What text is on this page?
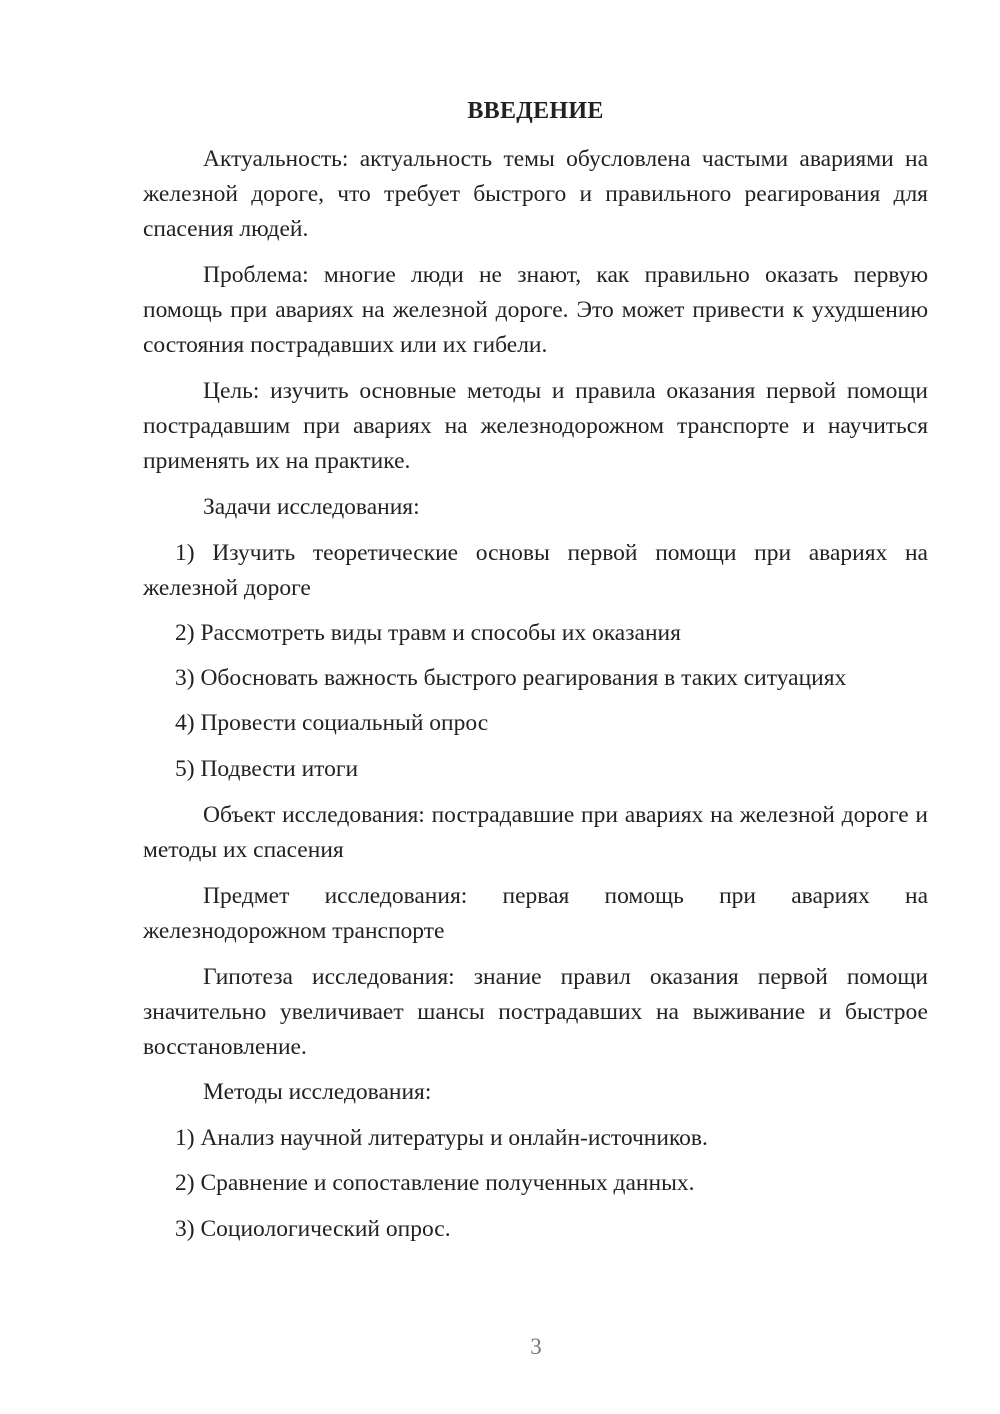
ВВЕДЕНИЕ

Актуальность: актуальность темы обусловлена частыми авариями на железной дороге, что требует быстрого и правильного реагирования для спасения людей.

Проблема: многие люди не знают, как правильно оказать первую помощь при авариях на железной дороге. Это может привести к ухудшению состояния пострадавших или их гибели.

Цель: изучить основные методы и правила оказания первой помощи пострадавшим при авариях на железнодорожном транспорте и научиться применять их на практике.

Задачи исследования:

1) Изучить теоретические основы первой помощи при авариях на железной дороге

2) Рассмотреть виды травм и способы их оказания

3) Обосновать важность быстрого реагирования в таких ситуациях

4) Провести социальный опрос

5) Подвести итоги

Объект исследования: пострадавшие при авариях на железной дороге и методы их спасения

Предмет исследования: первая помощь при авариях на железнодорожном транспорте

Гипотеза исследования: знание правил оказания первой помощи значительно увеличивает шансы пострадавших на выживание и быстрое восстановление.

Методы исследования:

1) Анализ научной литературы и онлайн-источников.

2) Сравнение и сопоставление полученных данных.

3) Социологический опрос.

3
